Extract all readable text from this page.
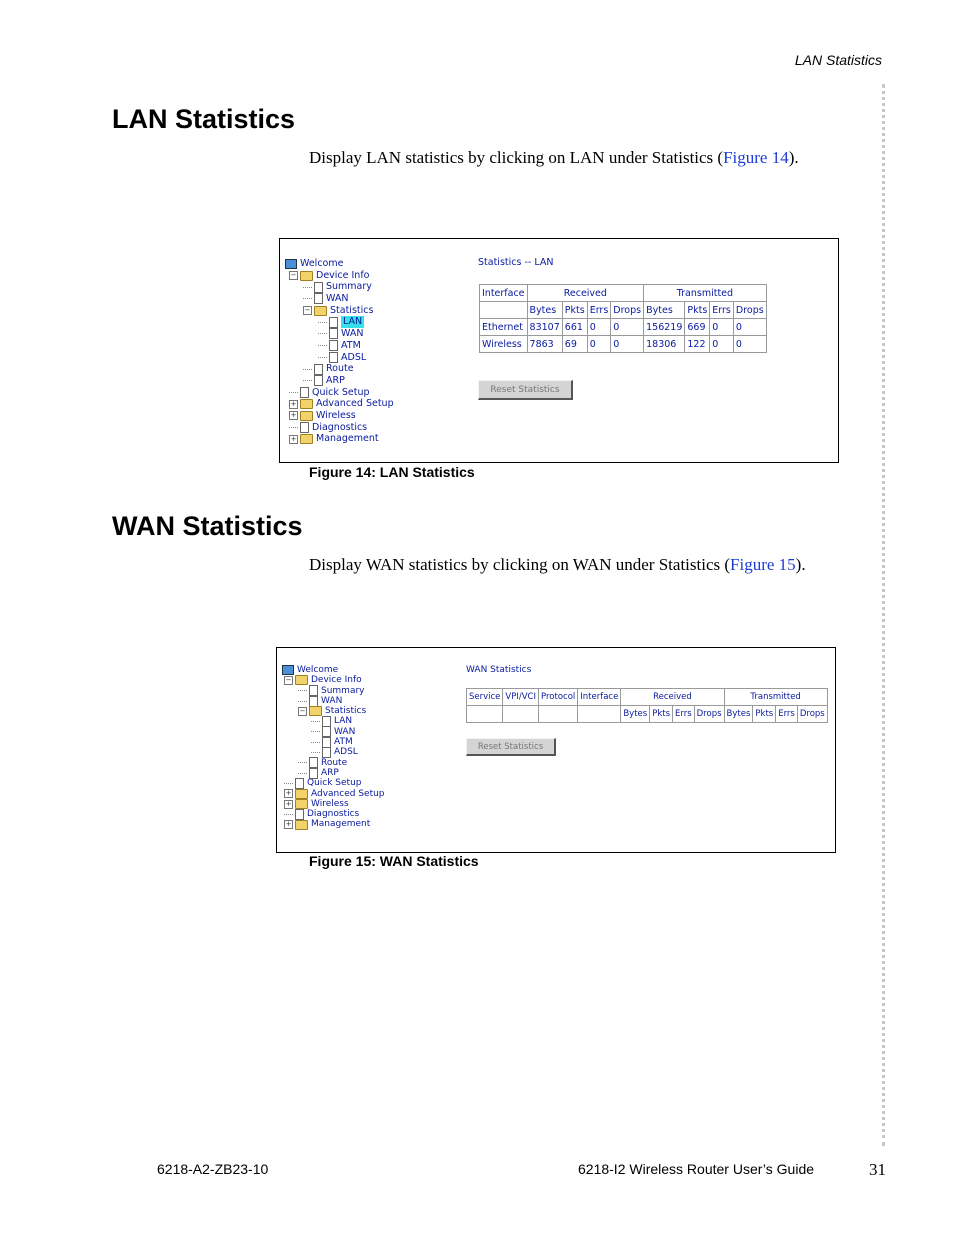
LAN Statistics
LAN Statistics

Display LAN statistics by clicking on LAN under Statistics (Figure 14).

Welcome
− Device Info
Summary
WAN
− Statistics
LAN
WAN
ATM
ADSL
Route
ARP
Quick Setup
+ Advanced Setup
+ Wireless
Diagnostics
+ Management
Statistics -- LAN
Interface	Received				Transmitted			
	Bytes	Pkts	Errs	Drops	Bytes	Pkts	Errs	Drops
Ethernet	83107	661	0	0	156219	669	0	0
Wireless	7863	69	0	0	18306	122	0	0
Reset Statistics
Figure 14: LAN Statistics
WAN Statistics

Display WAN statistics by clicking on WAN under Statistics (Figure 15).

Welcome
− Device Info
Summary
WAN
− Statistics
LAN
WAN
ATM
ADSL
Route
ARP
Quick Setup
+ Advanced Setup
+ Wireless
Diagnostics
+ Management
WAN Statistics
Service	VPI/VCI	Protocol	Interface	Received				Transmitted			
				Bytes	Pkts	Errs	Drops	Bytes	Pkts	Errs	Drops
Reset Statistics
Figure 15: WAN Statistics
6218-A2-ZB23-10	6218-I2 Wireless Router User’s Guide	31
